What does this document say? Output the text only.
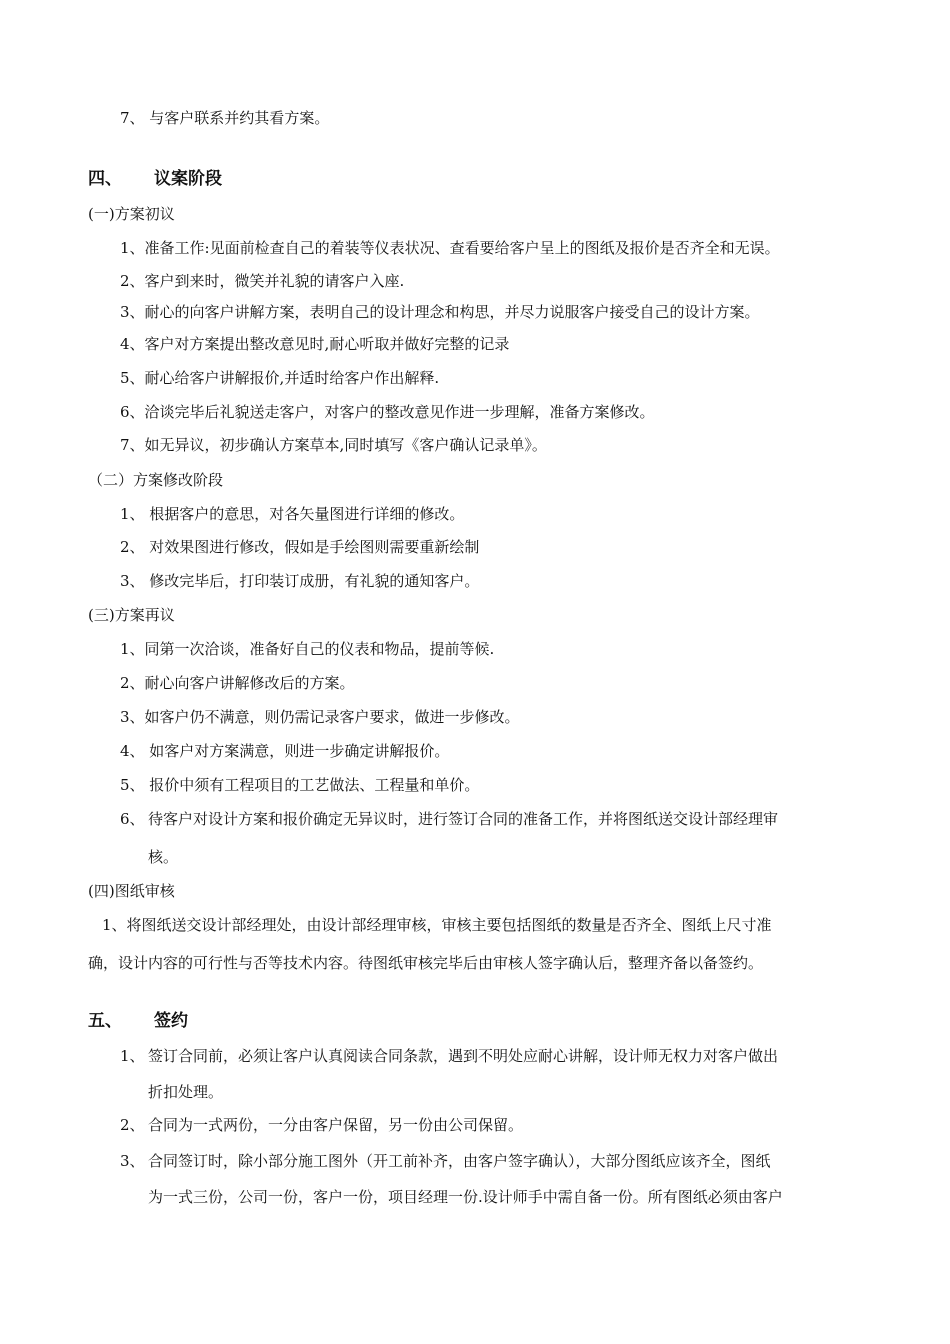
7、 与客户联系并约其看方案。
四、 议案阶段
(一)方案初议
1、准备工作:见面前检查自己的着装等仪表状况、查看要给客户呈上的图纸及报价是否齐全和无误。
2、客户到来时，微笑并礼貌的请客户入座.
3、耐心的向客户讲解方案，表明自己的设计理念和构思，并尽力说服客户接受自己的设计方案。
4、客户对方案提出整改意见时,耐心听取并做好完整的记录
5、耐心给客户讲解报价,并适时给客户作出解释.
6、洽谈完毕后礼貌送走客户，对客户的整改意见作进一步理解，准备方案修改。
7、如无异议，初步确认方案草本,同时填写《客户确认记录单》。
（二）方案修改阶段
1、 根据客户的意思，对各矢量图进行详细的修改。
2、 对效果图进行修改，假如是手绘图则需要重新绘制
3、 修改完毕后，打印装订成册，有礼貌的通知客户。
(三)方案再议
1、同第一次洽谈，准备好自己的仪表和物品，提前等候.
2、耐心向客户讲解修改后的方案。
3、如客户仍不满意，则仍需记录客户要求，做进一步修改。
4、 如客户对方案满意，则进一步确定讲解报价。
5、 报价中须有工程项目的工艺做法、工程量和单价。
6、 待客户对设计方案和报价确定无异议时，进行签订合同的准备工作，并将图纸送交设计部经理审
核。
(四)图纸审核
1、将图纸送交设计部经理处，由设计部经理审核，审核主要包括图纸的数量是否齐全、图纸上尺寸准
确，设计内容的可行性与否等技术内容。待图纸审核完毕后由审核人签字确认后，整理齐备以备签约。
五、 签约
1、 签订合同前，必须让客户认真阅读合同条款，遇到不明处应耐心讲解，设计师无权力对客户做出
折扣处理。
2、 合同为一式两份，一分由客户保留，另一份由公司保留。
3、 合同签订时，除小部分施工图外（开工前补齐，由客户签字确认），大部分图纸应该齐全，图纸
为一式三份，公司一份，客户一份，项目经理一份.设计师手中需自备一份。所有图纸必须由客户
